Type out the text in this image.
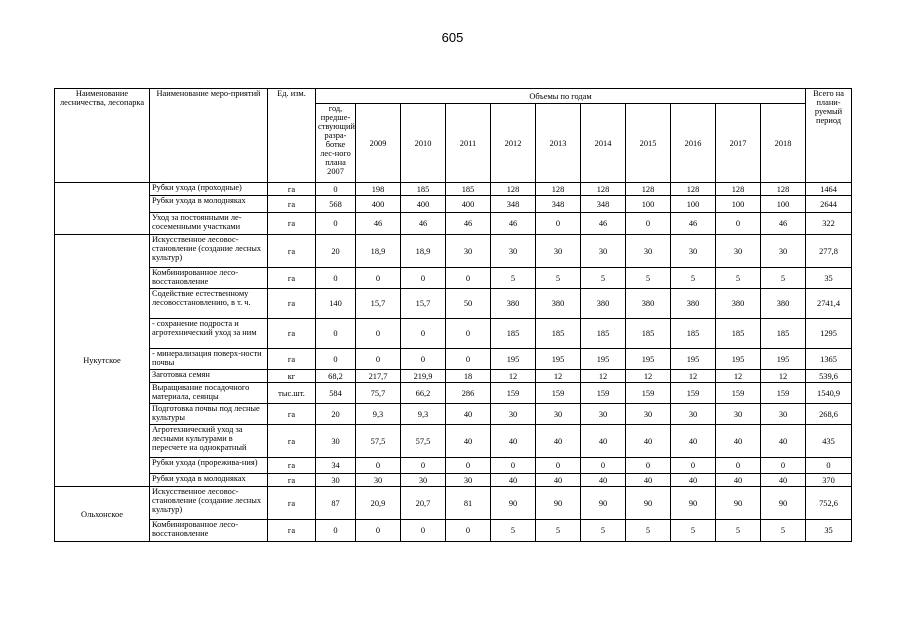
605
Наименование лесничества, лесопарка	Наименование меро-приятий	Ед. изм.	Объемы по годам											Всего на плани-руемый период
			год, предше-ствующий разра-ботке лес-ного плана 2007	2009	2010	2011	2012	2013	2014	2015	2016	2017	2018	
	Рубки ухода (проходные)	га	0	198	185	185	128	128	128	128	128	128	128	1464
	Рубки ухода в молодняках	га	568	400	400	400	348	348	348	100	100	100	100	2644
	Уход за постоянными ле-сосеменными участками	га	0	46	46	46	46	0	46	0	46	0	46	322
Нукутское	Искусственное лесовос-становление (создание лесных культур)	га	20	18,9	18,9	30	30	30	30	30	30	30	30	277,8
	Комбинированное лесо-восстановление	га	0	0	0	0	5	5	5	5	5	5	5	35
	Содействие естественному лесовосстановлению, в т. ч.	га	140	15,7	15,7	50	380	380	380	380	380	380	380	2741,4
	- сохранение подроста и агротехнический уход за ним	га	0	0	0	0	185	185	185	185	185	185	185	1295
	- минерализация поверх-ности почвы	га	0	0	0	0	195	195	195	195	195	195	195	1365
	Заготовка семян	кг	68,2	217,7	219,9	18	12	12	12	12	12	12	12	539,6
	Выращивание посадочного материала, сеянцы	тыс.шт.	584	75,7	66,2	286	159	159	159	159	159	159	159	1540,9
	Подготовка почвы под лесные культуры	га	20	9,3	9,3	40	30	30	30	30	30	30	30	268,6
	Агротехнический уход за лесными культурами в пересчете на однократный	га	30	57,5	57,5	40	40	40	40	40	40	40	40	435
	Рубки ухода (прорежива-ния)	га	34	0	0	0	0	0	0	0	0	0	0	0
	Рубки ухода в молодняках	га	30	30	30	30	40	40	40	40	40	40	40	370
Ольхонское	Искусственное лесовос-становление (создание лесных культур)	га	87	20,9	20,7	81	90	90	90	90	90	90	90	752,6
	Комбинированное лесо-восстановление	га	0	0	0	0	5	5	5	5	5	5	5	35
